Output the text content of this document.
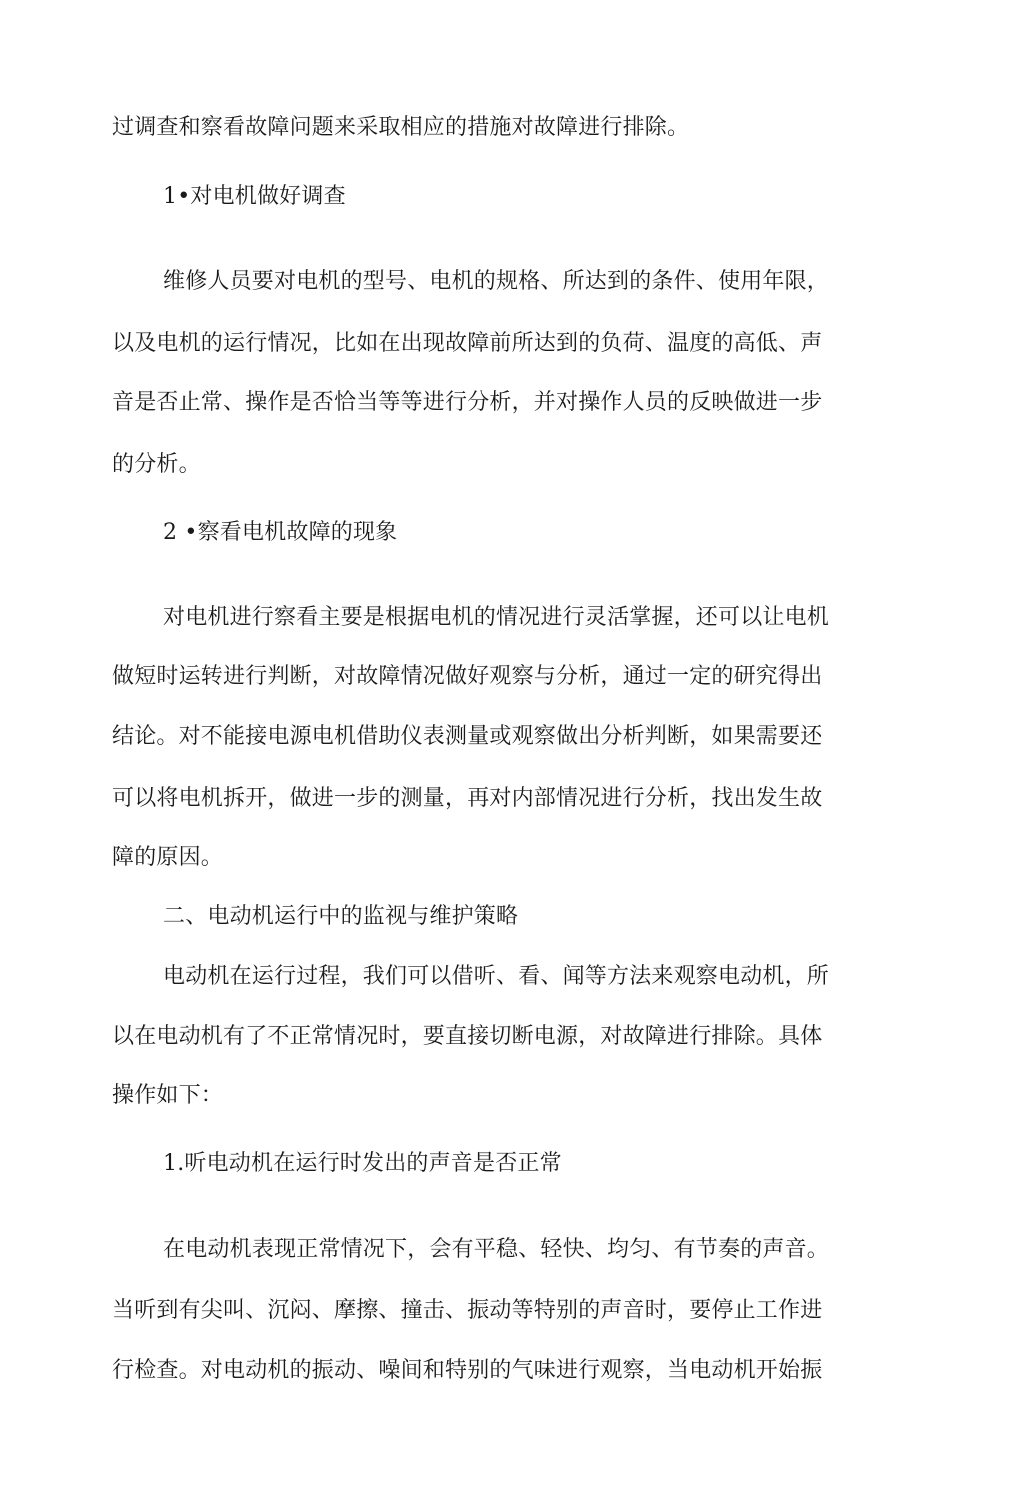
过调查和察看故障问题来采取相应的措施对故障进行排除。
1•对电机做好调查
维修人员要对电机的型号、电机的规格、所达到的条件、使用年限，
以及电机的运行情况，比如在出现故障前所达到的负荷、温度的高低、声
音是否止常、操作是否恰当等等进行分析，并对操作人员的反映做进一步
的分析。
2 •察看电机故障的现象
对电机进行察看主要是根据电机的情况进行灵活掌握，还可以让电机
做短时运转进行判断，对故障情况做好观察与分析，通过一定的研究得出
结论。对不能接电源电机借助仪表测量或观察做出分析判断，如果需要还
可以将电机拆开，做进一步的测量，再对内部情况进行分析，找出发生故
障的原因。
二、电动机运行中的监视与维护策略
电动机在运行过程，我们可以借听、看、闻等方法来观察电动机，所
以在电动机有了不正常情况时，要直接切断电源，对故障进行排除。具体
操作如下：
1.听电动机在运行时发出的声音是否正常
在电动机表现正常情况下，会有平稳、轻快、均匀、有节奏的声音。
当听到有尖叫、沉闷、摩擦、撞击、振动等特别的声音时，要停止工作进
行检查。对电动机的振动、噪间和特别的气味进行观察，当电动机开始振
